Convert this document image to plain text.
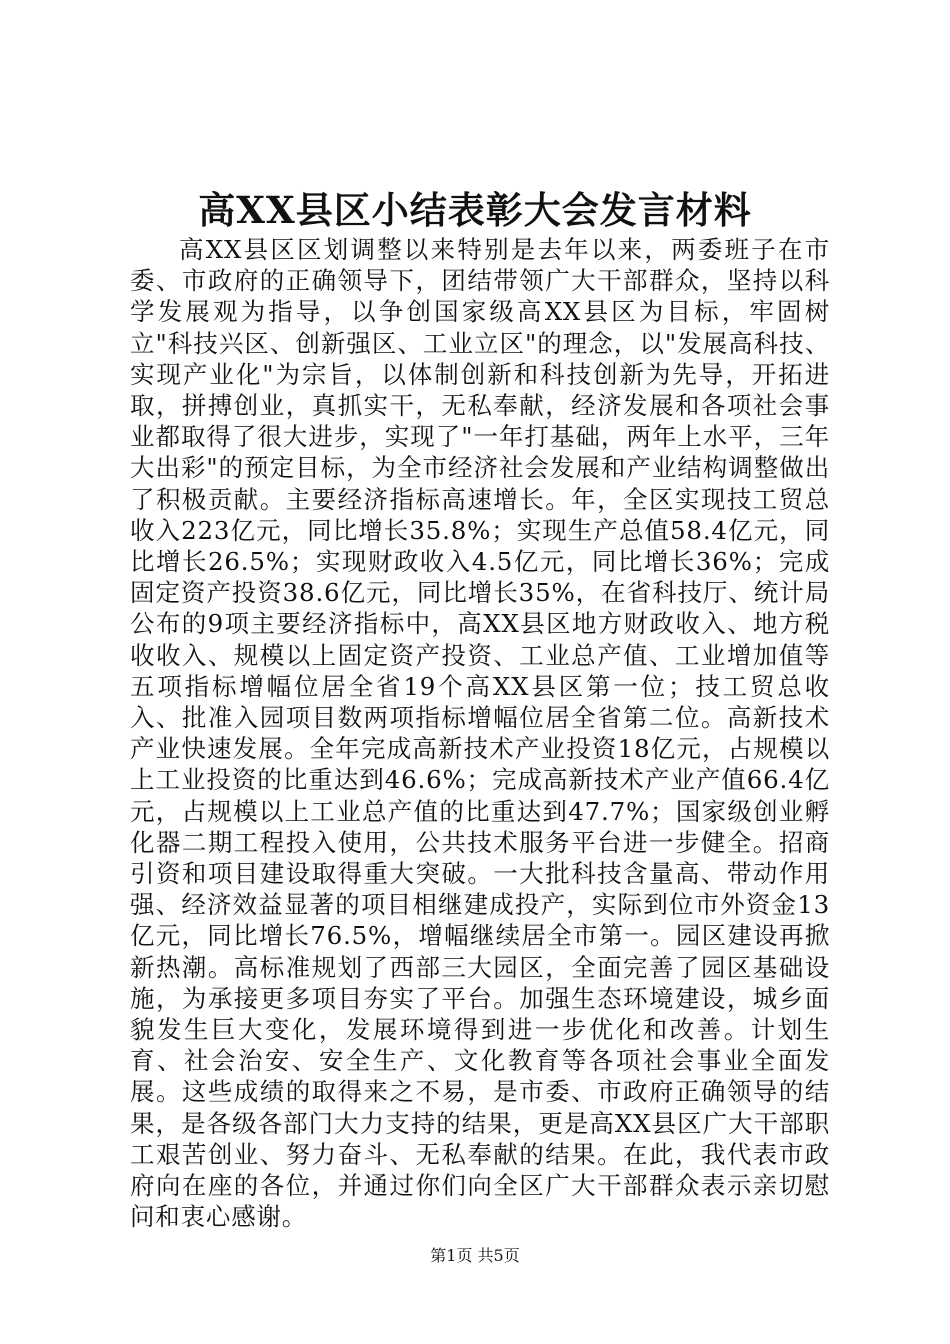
高XX县区小结表彰大会发言材料

高XX县区区划调整以来特别是去年以来，两委班子在市委、市政府的正确领导下，团结带领广大干部群众，坚持以科学发展观为指导，以争创国家级高XX县区为目标，牢固树立"科技兴区、创新强区、工业立区"的理念，以"发展高科技、实现产业化"为宗旨，以体制创新和科技创新为先导，开拓进取，拼搏创业，真抓实干，无私奉献，经济发展和各项社会事业都取得了很大进步，实现了"一年打基础，两年上水平，三年大出彩"的预定目标，为全市经济社会发展和产业结构调整做出了积极贡献。主要经济指标高速增长。年，全区实现技工贸总收入223亿元，同比增长35.8%；实现生产总值58.4亿元，同比增长26.5%；实现财政收入4.5亿元，同比增长36%；完成固定资产投资38.6亿元，同比增长35%，在省科技厅、统计局公布的9项主要经济指标中，高XX县区地方财政收入、地方税收收入、规模以上固定资产投资、工业总产值、工业增加值等五项指标增幅位居全省19个高XX县区第一位；技工贸总收入、批准入园项目数两项指标增幅位居全省第二位。高新技术产业快速发展。全年完成高新技术产业投资18亿元，占规模以上工业投资的比重达到46.6%；完成高新技术产业产值66.4亿元，占规模以上工业总产值的比重达到47.7%；国家级创业孵化器二期工程投入使用，公共技术服务平台进一步健全。招商引资和项目建设取得重大突破。一大批科技含量高、带动作用强、经济效益显著的项目相继建成投产，实际到位市外资金13亿元，同比增长76.5%，增幅继续居全市第一。园区建设再掀新热潮。高标准规划了西部三大园区，全面完善了园区基础设施，为承接更多项目夯实了平台。加强生态环境建设，城乡面貌发生巨大变化，发展环境得到进一步优化和改善。计划生育、社会治安、安全生产、文化教育等各项社会事业全面发展。这些成绩的取得来之不易，是市委、市政府正确领导的结果，是各级各部门大力支持的结果，更是高XX县区广大干部职工艰苦创业、努力奋斗、无私奉献的结果。在此，我代表市政府向在座的各位，并通过你们向全区广大干部群众表示亲切慰问和衷心感谢。

第1页 共5页
